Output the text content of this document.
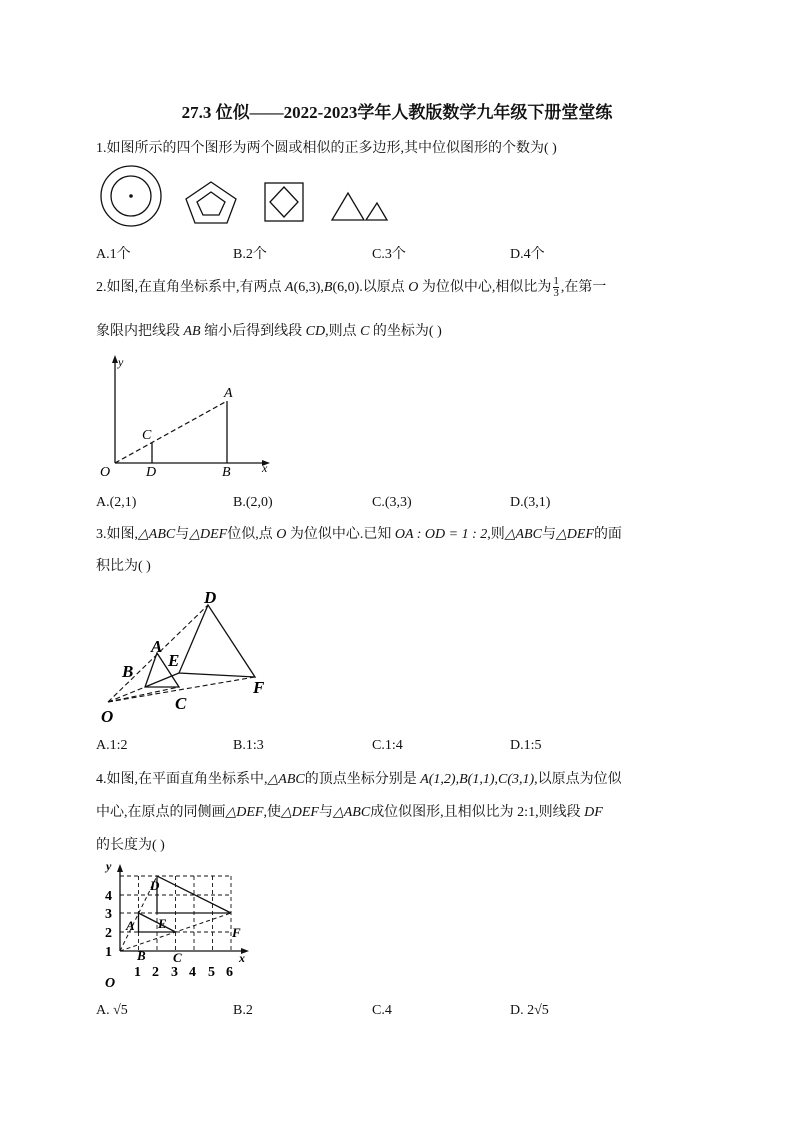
27.3 位似——2022-2023学年人教版数学九年级下册堂堂练
1.如图所示的四个图形为两个圆或相似的正多边形,其中位似图形的个数为( )
A.1个	B.2个	C.3个	D.4个
2.如图,在直角坐标系中,有两点 A(6,3),B(6,0).以原点 O 为位似中心,相似比为 $\frac{1}{3}$ ,在第一
象限内把线段 AB 缩小后得到线段 CD,则点 C 的坐标为( )
y
x
O
A
B
C
D
A.(2,1)	B.(2,0)	C.(3,3)	D.(3,1)
3.如图,△ABC与△DEF位似,点 O 为位似中心.已知 OA : OD = 1 : 2,则△ABC与△DEF的面
积比为( )
D
A
E
B
C
F
O
A.1:2	B.1:3	C.1:4	D.1:5
4.如图,在平面直角坐标系中,△ABC的顶点坐标分别是 A(1,2),B(1,1),C(3,1),以原点为位似
中心,在原点的同侧画△DEF,使△DEF与△ABC成位似图形,且相似比为 2:1,则线段 DF
的长度为( )
y
x
O
1
2
3
4
1 2 3 4 5 6
D
A E
B C
F
A. √5	B.2	C.4	D. 2√5
